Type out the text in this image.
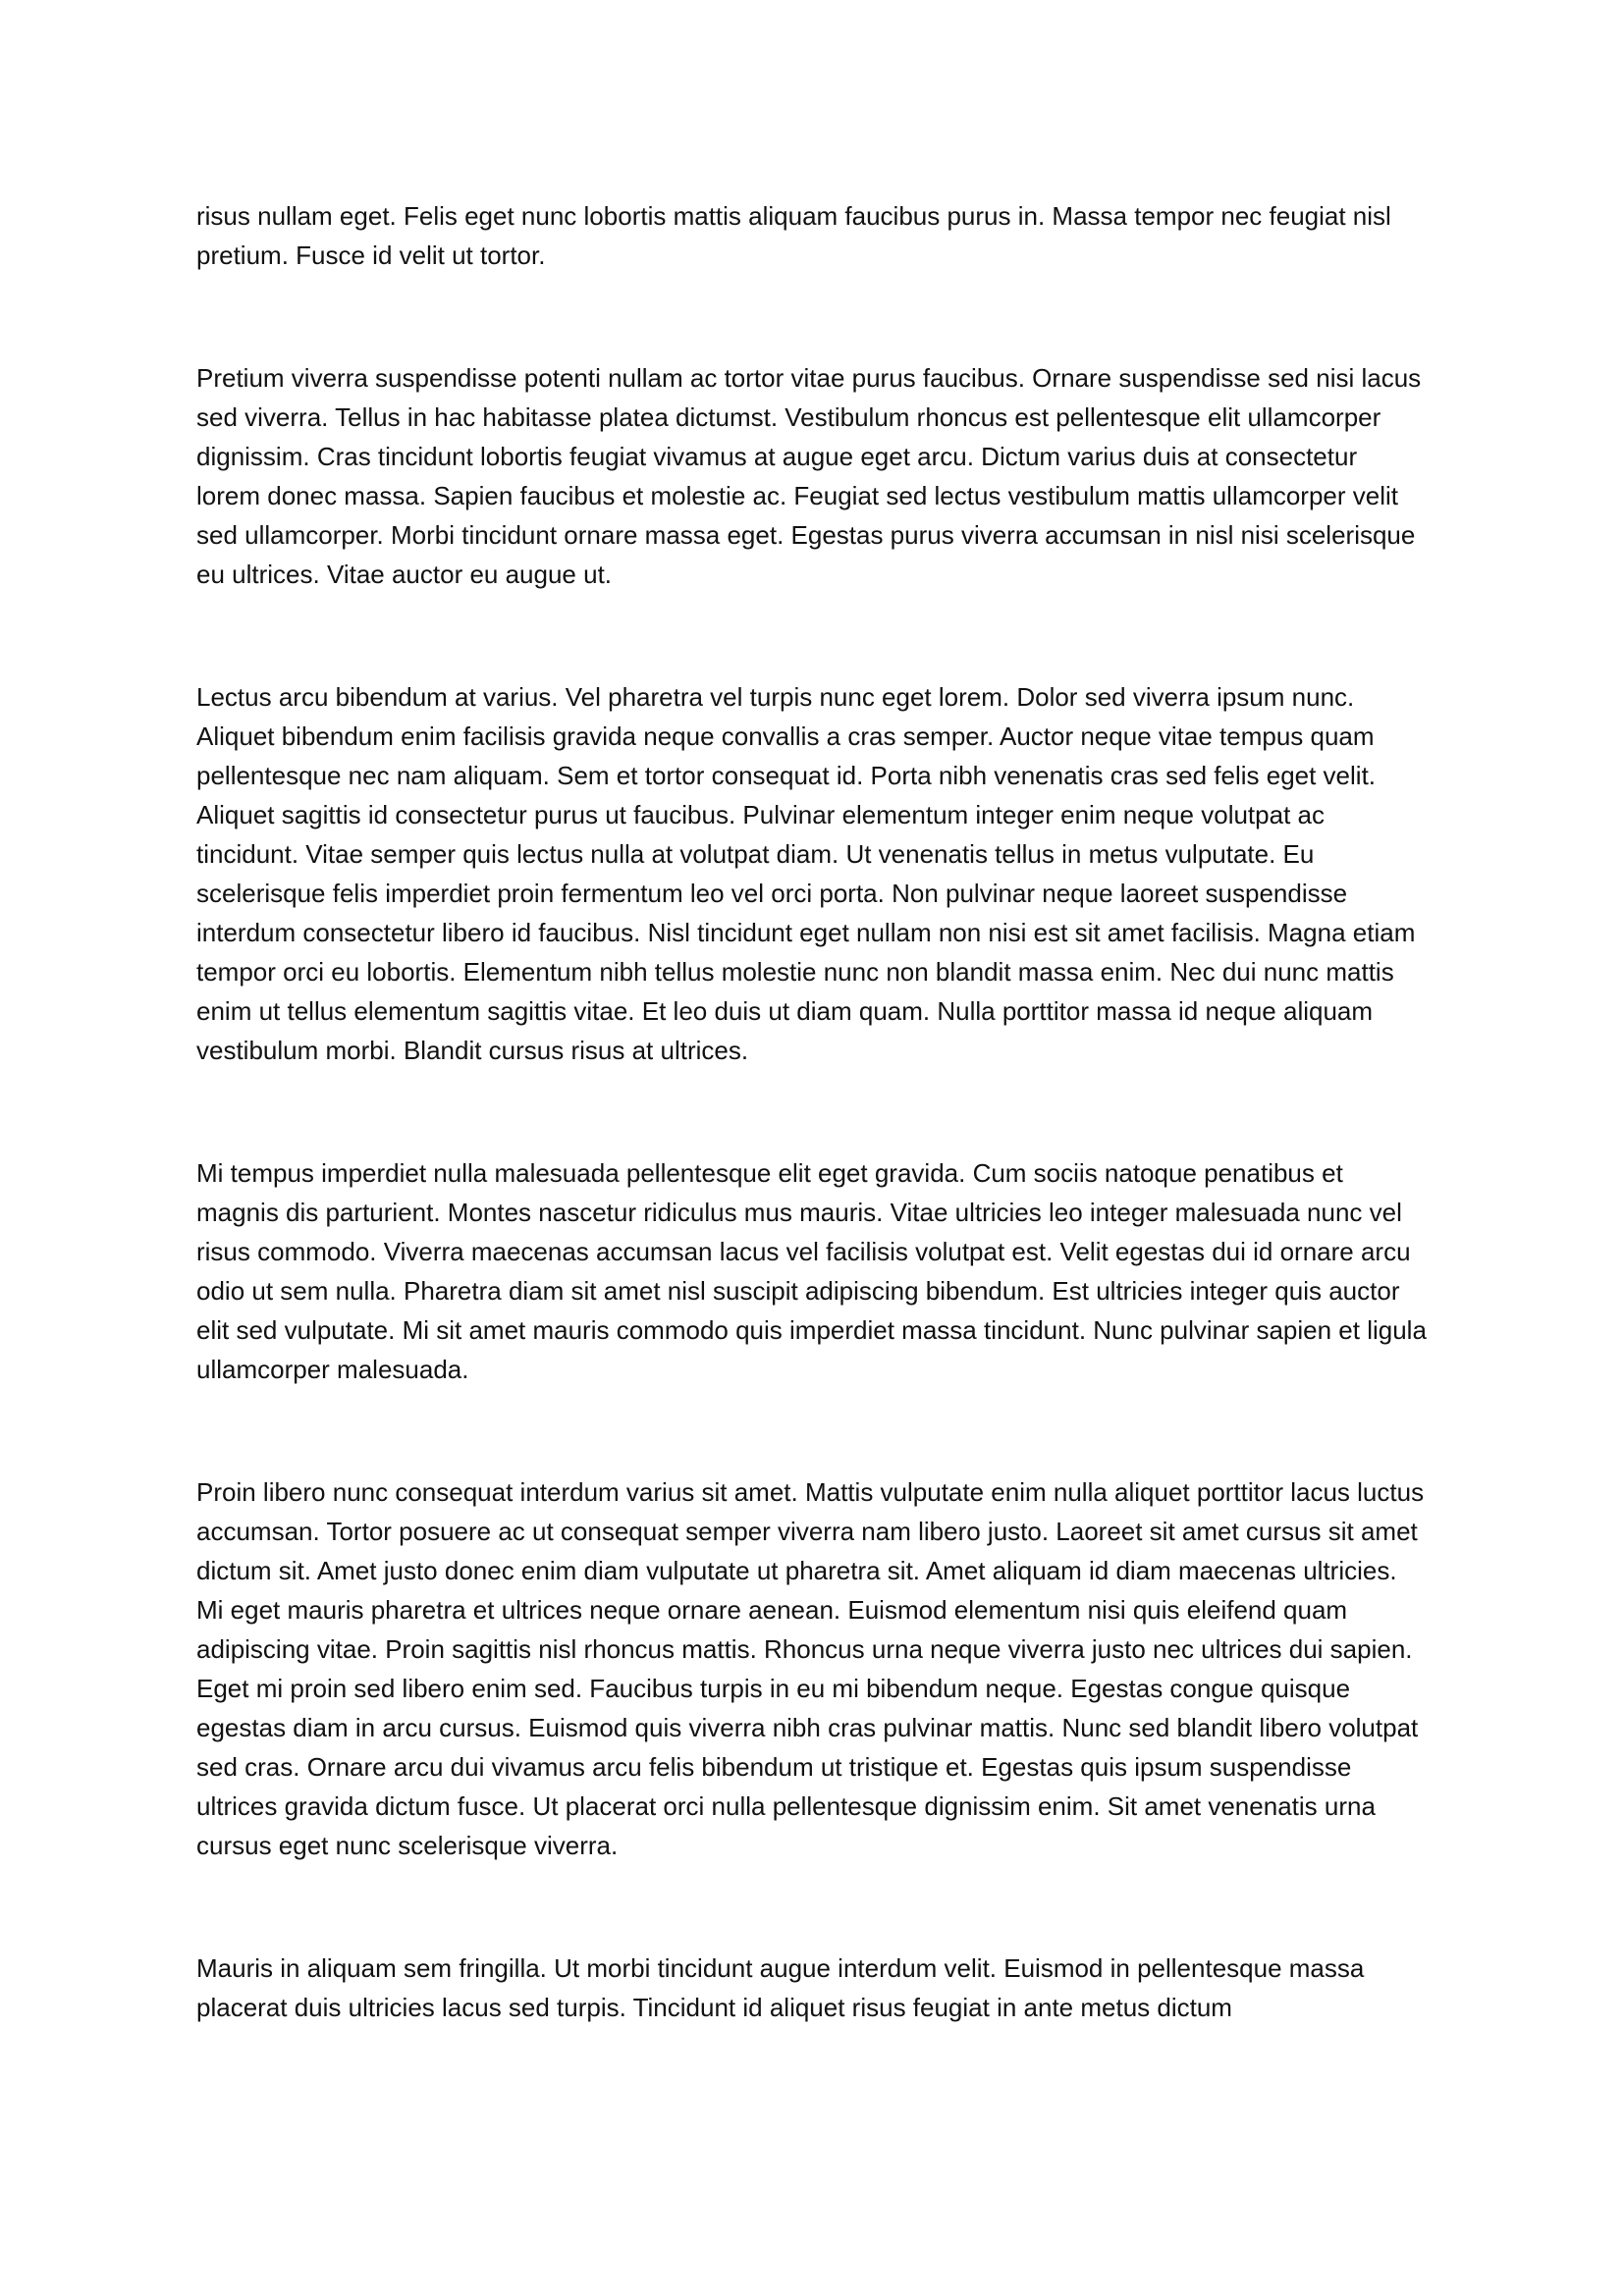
risus nullam eget. Felis eget nunc lobortis mattis aliquam faucibus purus in. Massa tempor nec feugiat nisl pretium. Fusce id velit ut tortor.

Pretium viverra suspendisse potenti nullam ac tortor vitae purus faucibus. Ornare suspendisse sed nisi lacus sed viverra. Tellus in hac habitasse platea dictumst. Vestibulum rhoncus est pellentesque elit ullamcorper dignissim. Cras tincidunt lobortis feugiat vivamus at augue eget arcu. Dictum varius duis at consectetur lorem donec massa. Sapien faucibus et molestie ac. Feugiat sed lectus vestibulum mattis ullamcorper velit sed ullamcorper. Morbi tincidunt ornare massa eget. Egestas purus viverra accumsan in nisl nisi scelerisque eu ultrices. Vitae auctor eu augue ut.

Lectus arcu bibendum at varius. Vel pharetra vel turpis nunc eget lorem. Dolor sed viverra ipsum nunc. Aliquet bibendum enim facilisis gravida neque convallis a cras semper. Auctor neque vitae tempus quam pellentesque nec nam aliquam. Sem et tortor consequat id. Porta nibh venenatis cras sed felis eget velit. Aliquet sagittis id consectetur purus ut faucibus. Pulvinar elementum integer enim neque volutpat ac tincidunt. Vitae semper quis lectus nulla at volutpat diam. Ut venenatis tellus in metus vulputate. Eu scelerisque felis imperdiet proin fermentum leo vel orci porta. Non pulvinar neque laoreet suspendisse interdum consectetur libero id faucibus. Nisl tincidunt eget nullam non nisi est sit amet facilisis. Magna etiam tempor orci eu lobortis. Elementum nibh tellus molestie nunc non blandit massa enim. Nec dui nunc mattis enim ut tellus elementum sagittis vitae. Et leo duis ut diam quam. Nulla porttitor massa id neque aliquam vestibulum morbi. Blandit cursus risus at ultrices.

Mi tempus imperdiet nulla malesuada pellentesque elit eget gravida. Cum sociis natoque penatibus et magnis dis parturient. Montes nascetur ridiculus mus mauris. Vitae ultricies leo integer malesuada nunc vel risus commodo. Viverra maecenas accumsan lacus vel facilisis volutpat est. Velit egestas dui id ornare arcu odio ut sem nulla. Pharetra diam sit amet nisl suscipit adipiscing bibendum. Est ultricies integer quis auctor elit sed vulputate. Mi sit amet mauris commodo quis imperdiet massa tincidunt. Nunc pulvinar sapien et ligula ullamcorper malesuada.

Proin libero nunc consequat interdum varius sit amet. Mattis vulputate enim nulla aliquet porttitor lacus luctus accumsan. Tortor posuere ac ut consequat semper viverra nam libero justo. Laoreet sit amet cursus sit amet dictum sit. Amet justo donec enim diam vulputate ut pharetra sit. Amet aliquam id diam maecenas ultricies. Mi eget mauris pharetra et ultrices neque ornare aenean. Euismod elementum nisi quis eleifend quam adipiscing vitae. Proin sagittis nisl rhoncus mattis. Rhoncus urna neque viverra justo nec ultrices dui sapien. Eget mi proin sed libero enim sed. Faucibus turpis in eu mi bibendum neque. Egestas congue quisque egestas diam in arcu cursus. Euismod quis viverra nibh cras pulvinar mattis. Nunc sed blandit libero volutpat sed cras. Ornare arcu dui vivamus arcu felis bibendum ut tristique et. Egestas quis ipsum suspendisse ultrices gravida dictum fusce. Ut placerat orci nulla pellentesque dignissim enim. Sit amet venenatis urna cursus eget nunc scelerisque viverra.

Mauris in aliquam sem fringilla. Ut morbi tincidunt augue interdum velit. Euismod in pellentesque massa placerat duis ultricies lacus sed turpis. Tincidunt id aliquet risus feugiat in ante metus dictum
